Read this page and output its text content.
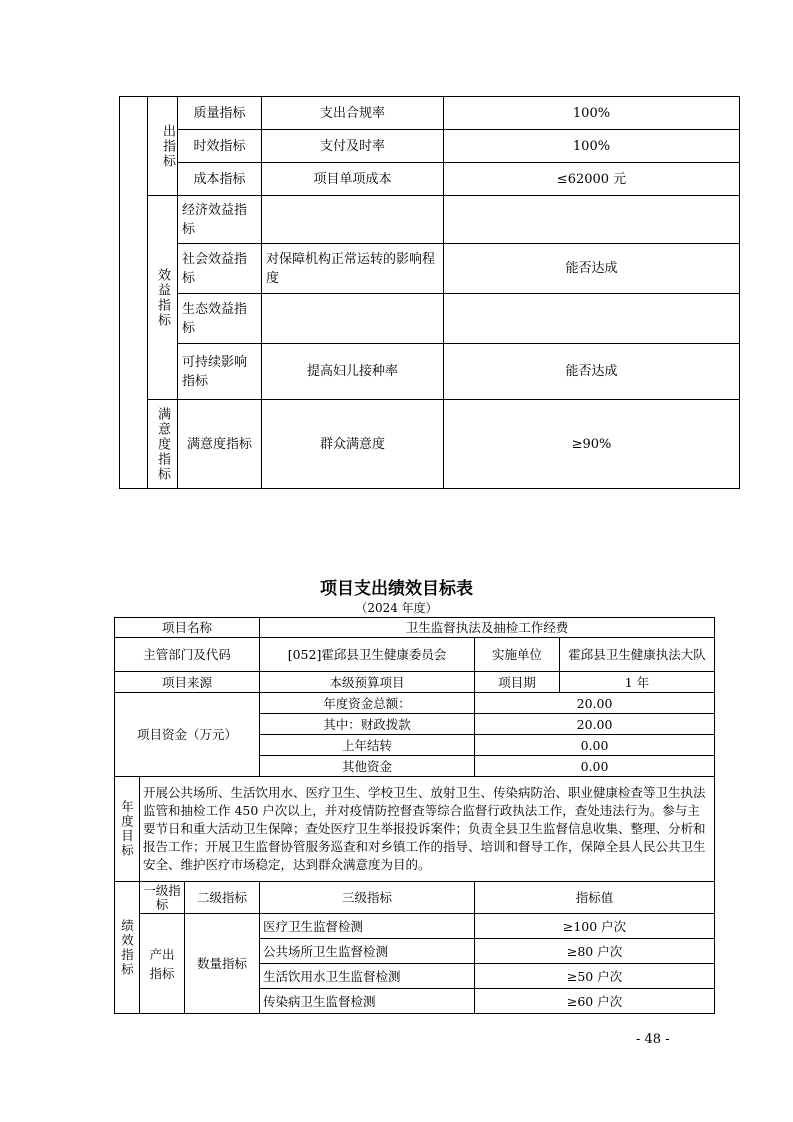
	出指标	质量指标	支出合规率	100%
		时效指标	支付及时率	100%
		成本指标	项目单项成本	≤62000 元
	效益指标	经济效益指标		
		社会效益指标	对保障机构正常运转的影响程度	能否达成
		生态效益指标		
		可持续影响指标	提高妇儿接种率	能否达成
	满意度指标	满意度指标	群众满意度	≥90%
项目支出绩效目标表
（2024 年度）
项目名称			卫生监督执法及抽检工作经费		
主管部门及代码			[052]霍邱县卫生健康委员会	实施单位	霍邱县卫生健康执法大队
项目来源			本级预算项目	项目期	1 年
项目资金（万元）			年度资金总额：	20.00	
			其中：财政拨款	20.00	
			上年结转	0.00	
			其他资金	0.00	
年度目标	开展公共场所、生活饮用水、医疗卫生、学校卫生、放射卫生、传染病防治、职业健康检查等卫生执法监管和抽检工作 450 户次以上，并对疫情防控督查等综合监督行政执法工作，查处违法行为。参与主要节日和重大活动卫生保障；查处医疗卫生举报投诉案件；负责全县卫生监督信息收集、整理、分析和报告工作；开展卫生监督协管服务巡查和对乡镇工作的指导、培训和督导工作，保障全县人民公共卫生安全、维护医疗市场稳定，达到群众满意度为目的。				
绩效指标	一级指标	二级指标	三级指标	指标值	
	产出指标	数量指标	医疗卫生监督检测	≥100 户次	
			公共场所卫生监督检测	≥80 户次	
			生活饮用水卫生监督检测	≥50 户次	
			传染病卫生监督检测	≥60 户次	
- 48 -
